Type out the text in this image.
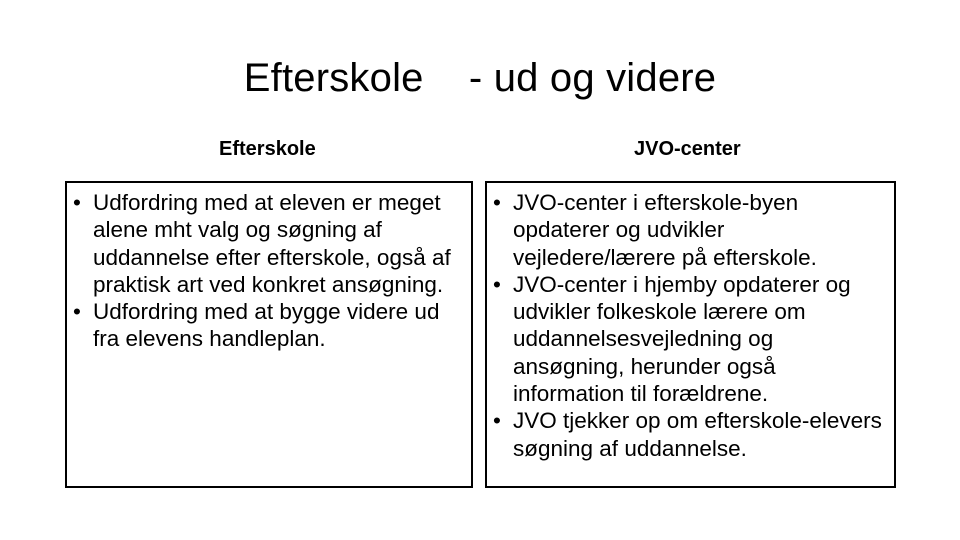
Efterskole    - ud og videre
Efterskole	JVO-center
• Udfordring med at eleven er meget alene mht valg og søgning af uddannelse efter efterskole, også af praktisk art ved konkret ansøgning.
• Udfordring med at bygge videre ud fra elevens handleplan.
• JVO-center i efterskole-byen opdaterer og udvikler vejledere/lærere på efterskole.
• JVO-center i hjemby opdaterer og udvikler folkeskole lærere om uddannelsesvejledning og ansøgning, herunder også information til forældrene.
• JVO tjekker op om efterskole-elevers søgning af uddannelse.
